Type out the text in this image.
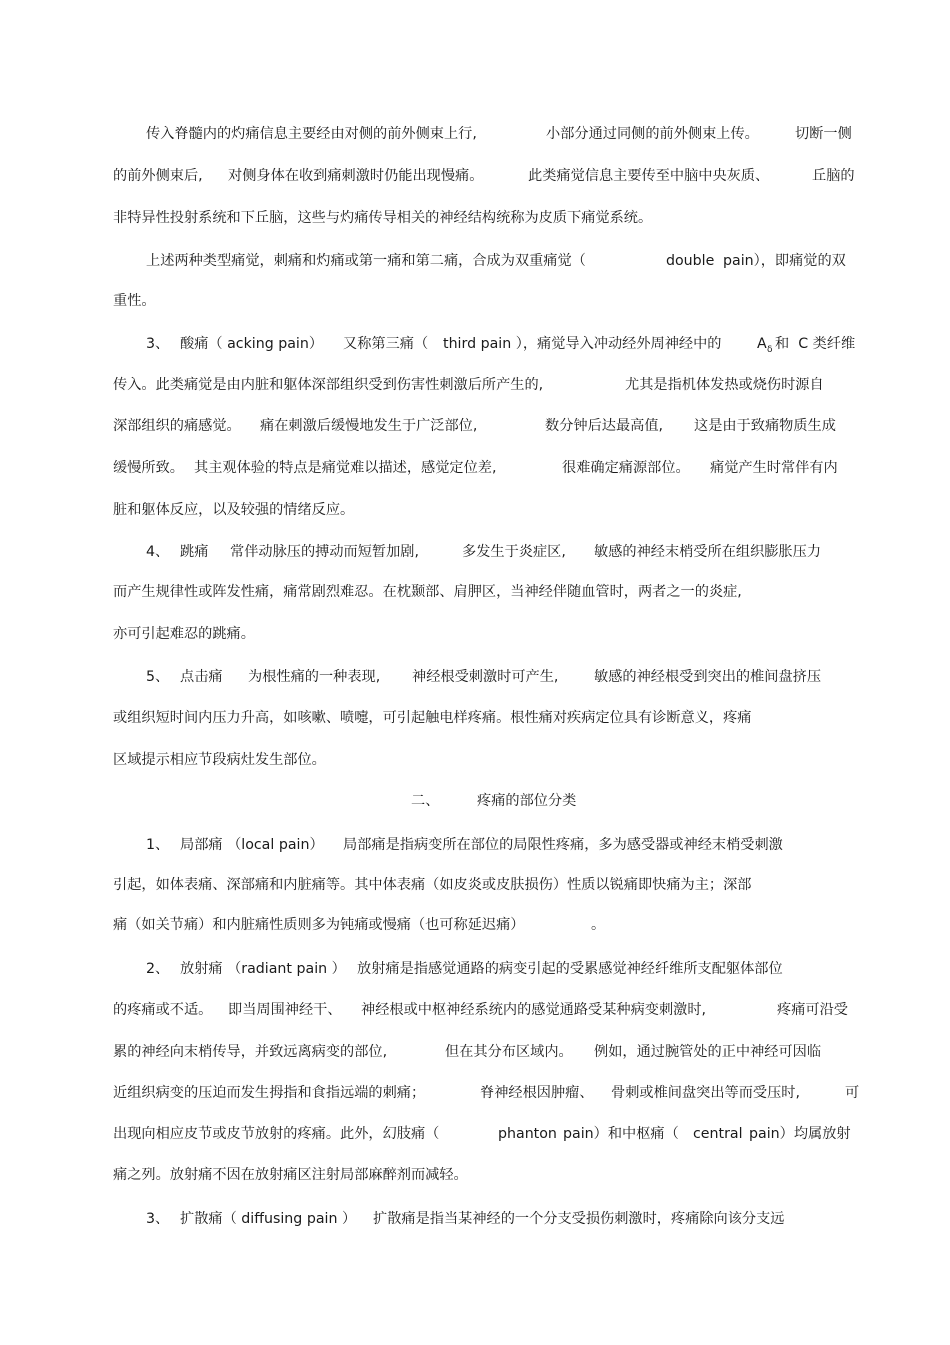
传入脊髓内的灼痛信息主要经由对侧的前外侧束上行,

	小部分通过同侧的前外侧束上传。

	切断一侧

的前外侧束后,

对侧身体在收到痛刺激时仍能出现慢痛。

	此类痛觉信息主要传至中脑中央灰质、

	丘脑的

非特异性投射系统和下丘脑，这些与灼痛传导相关的神经结构统称为皮质下痛觉系统。

上述两种类型痛觉，刺痛和灼痛或第一痛和第二痛，合成为双重痛觉（

	double

pain），即痛觉的双

重性。

3、

酸痛（ acking pain）

又称第三痛（

third pain ），痛觉导入冲动经外周神经中的

	A

δ

和  C 类纤维

传入。此类痛觉是由内脏和躯体深部组织受到伤害性刺激后所产生的,

	尤其是指机体发热或烧伤时源自

深部组织的痛感觉。

痛在刺激后缓慢地发生于广泛部位,

	数分钟后达最高值,

这是由于致痛物质生成

缓慢所致。

其主观体验的特点是痛觉难以描述，感觉定位差,

	很难确定痛源部位。

痛觉产生时常伴有内

脏和躯体反应，以及较强的情绪反应。

4、

跳痛

常伴动脉压的搏动而短暂加剧,

	多发生于炎症区,

敏感的神经末梢受所在组织膨胀压力

而产生规律性或阵发性痛，痛常剧烈难忍。在枕颞部、肩胛区，当神经伴随血管时，两者之一的炎症,

亦可引起难忍的跳痛。

5、

点击痛

为根性痛的一种表现,

神经根受刺激时可产生,

	敏感的神经根受到突出的椎间盘挤压

或组织短时间内压力升高，如咳嗽、喷嚏，可引起触电样疼痛。根性痛对疾病定位具有诊断意义，疼痛

区域提示相应节段病灶发生部位。

二、

	疼痛的部位分类

1、

局部痛 （local pain）

局部痛是指病变所在部位的局限性疼痛，多为感受器或神经末梢受刺激

引起，如体表痛、深部痛和内脏痛等。其中体表痛（如皮炎或皮肤损伤）性质以锐痛即快痛为主；深部

痛（如关节痛）和内脏痛性质则多为钝痛或慢痛（也可称延迟痛）

	。

2、

放射痛 （radiant pain ）

放射痛是指感觉通路的病变引起的受累感觉神经纤维所支配躯体部位

的疼痛或不适。

即当周围神经干、

神经根或中枢神经系统内的感觉通路受某种病变刺激时,

	疼痛可沿受

累的神经向末梢传导，并致远离病变的部位,

	但在其分布区域内。

例如，通过腕管处的正中神经可因临

近组织病变的压迫而发生拇指和食指远端的刺痛；

	脊神经根因肿瘤、

骨刺或椎间盘突出等而受压时,

	可

出现向相应皮节或皮节放射的疼痛。此外，幻肢痛（

	phanton

pain）和中枢痛（

central

pain）均属放射

痛之列。放射痛不因在放射痛区注射局部麻醉剂而减轻。

3、

扩散痛（ diffusing pain ）

扩散痛是指当某神经的一个分支受损伤刺激时，疼痛除向该分支远
